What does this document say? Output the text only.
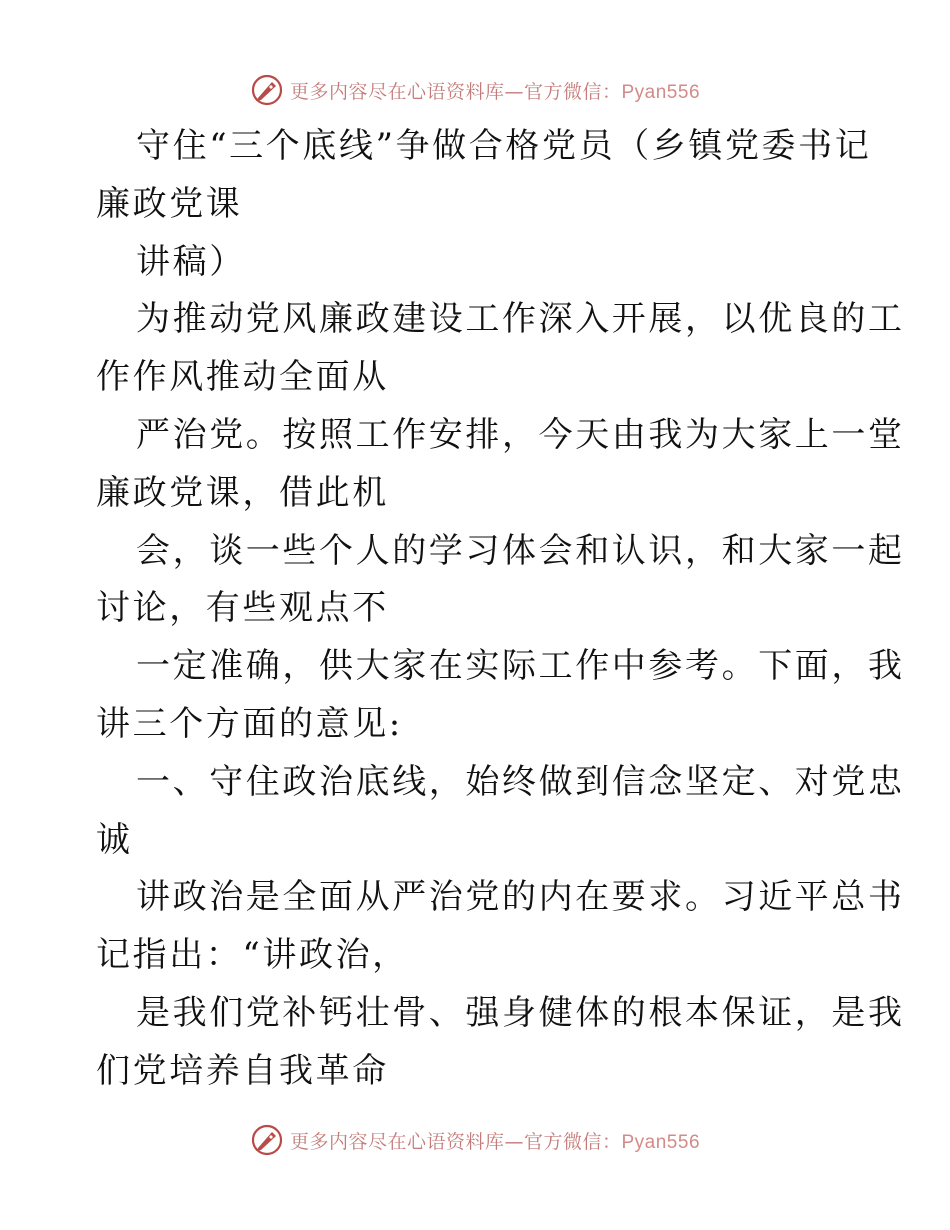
更多内容尽在心语资料库—官方微信：Pyan556
守住“三个底线”争做合格党员（乡镇党委书记
廉政党课
讲稿）
为推动党风廉政建设工作深入开展，以优良的工
作作风推动全面从
严治党。按照工作安排，今天由我为大家上一堂
廉政党课，借此机
会，谈一些个人的学习体会和认识，和大家一起
讨论，有些观点不
一定准确，供大家在实际工作中参考。下面，我
讲三个方面的意见:
一、守住政治底线，始终做到信念坚定、对党忠
诚
讲政治是全面从严治党的内在要求。习近平总书
记指出：“讲政治，
是我们党补钙壮骨、强身健体的根本保证，是我
们党培养自我革命
更多内容尽在心语资料库—官方微信：Pyan556
